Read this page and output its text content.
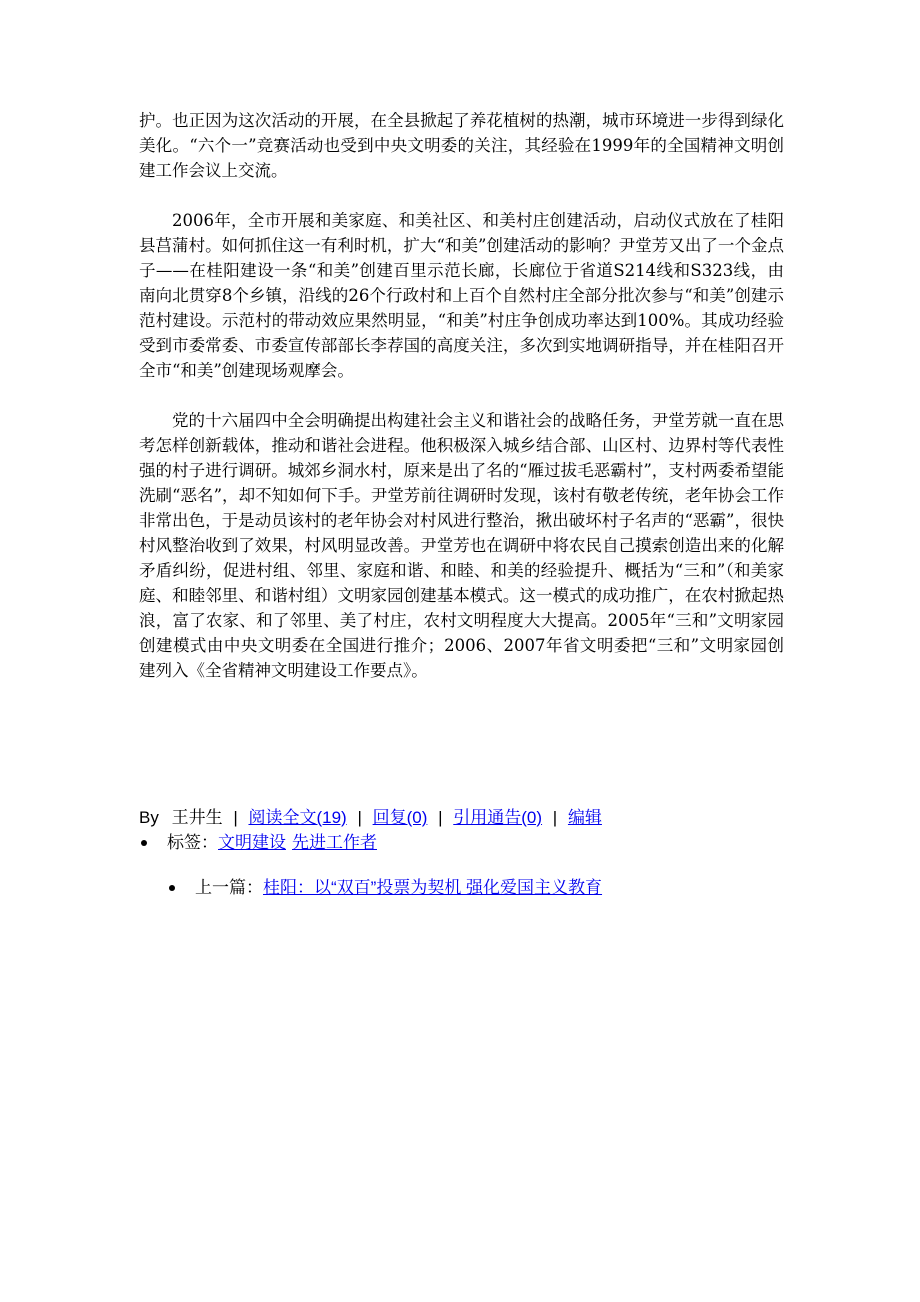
护。也正因为这次活动的开展，在全县掀起了养花植树的热潮，城市环境进一步得到绿化美化。“六个一”竞赛活动也受到中央文明委的关注，其经验在1999年的全国精神文明创建工作会议上交流。

2006年，全市开展和美家庭、和美社区、和美村庄创建活动，启动仪式放在了桂阳县莒蒲村。如何抓住这一有利时机，扩大“和美”创建活动的影响？尹堂芳又出了一个金点子——在桂阳建设一条“和美”创建百里示范长廊，长廊位于省道S214线和S323线，由南向北贯穿8个乡镇，沿线的26个行政村和上百个自然村庄全部分批次参与“和美”创建示范村建设。示范村的带动效应果然明显，“和美”村庄争创成功率达到100%。其成功经验受到市委常委、市委宣传部部长李荐国的高度关注，多次到实地调研指导，并在桂阳召开全市“和美”创建现场观摩会。

党的十六届四中全会明确提出构建社会主义和谐社会的战略任务，尹堂芳就一直在思考怎样创新载体，推动和谐社会进程。他积极深入城乡结合部、山区村、边界村等代表性强的村子进行调研。城郊乡洞水村，原来是出了名的“雁过拔毛恶霸村”，支村两委希望能洗刷“恶名”，却不知如何下手。尹堂芳前往调研时发现，该村有敬老传统，老年协会工作非常出色，于是动员该村的老年协会对村风进行整治，揪出破坏村子名声的“恶霸”，很快村风整治收到了效果，村风明显改善。尹堂芳也在调研中将农民自己摸索创造出来的化解矛盾纠纷，促进村组、邻里、家庭和谐、和睦、和美的经验提升、概括为“三和”（和美家庭、和睦邻里、和谐村组）文明家园创建基本模式。这一模式的成功推广，在农村掀起热浪，富了农家、和了邻里、美了村庄，农村文明程度大大提高。2005年“三和”文明家园创建模式由中央文明委在全国进行推介；2006、2007年省文明委把“三和”文明家园创建列入《全省精神文明建设工作要点》。

By 王井生 | 阅读全文(19) | 回复(0) | 引用通告(0) | 编辑
标签： 文明建设 先进工作者
上一篇： 桂阳：以“双百”投票为契机 强化爱国主义教育
